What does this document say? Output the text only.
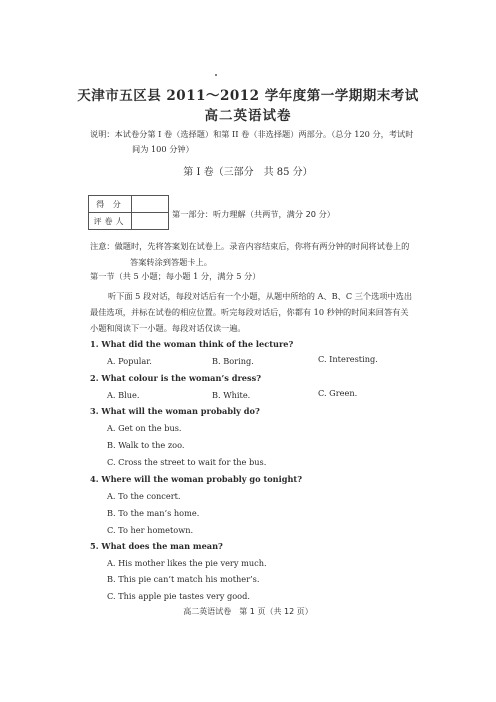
天津市五区县 2011～2012 学年度第一学期期末考试
高二英语试卷
说明：本试卷分第 I 卷（选择题）和第 II 卷（非选择题）两部分。（总分 120 分，考试时
间为 100 分钟）
第 I 卷（三部分　共 85 分）
得 分	
评卷人	
第一部分：听力理解（共两节，满分 20 分）
注意：做题时，先将答案划在试卷上。录音内容结束后，你将有两分钟的时间将试卷上的
答案转涂到答题卡上。
第一节（共 5 小题；每小题 1 分，满分 5 分）
听下面 5 段对话，每段对话后有一个小题，从题中所给的 A、B、C 三个选项中选出最佳选项，并标在试卷的相应位置。听完每段对话后，你都有 10 秒钟的时间来回答有关小题和阅读下一小题。每段对话仅读一遍。
1. What did the woman think of the lecture?
A. Popular.	B. Boring.	C. Interesting.
2. What colour is the woman’s dress?
A. Blue.	B. White.	C. Green.
3. What will the woman probably do?
A. Get on the bus.
B. Walk to the zoo.
C. Cross the street to wait for the bus.
4. Where will the woman probably go tonight?
A. To the concert.
B. To the man’s home.
C. To her hometown.
5. What does the man mean?
A. His mother likes the pie very much.
B. This pie can’t match his mother’s.
C. This apple pie tastes very good.
高二英语试卷　第 1 页（共 12 页）
